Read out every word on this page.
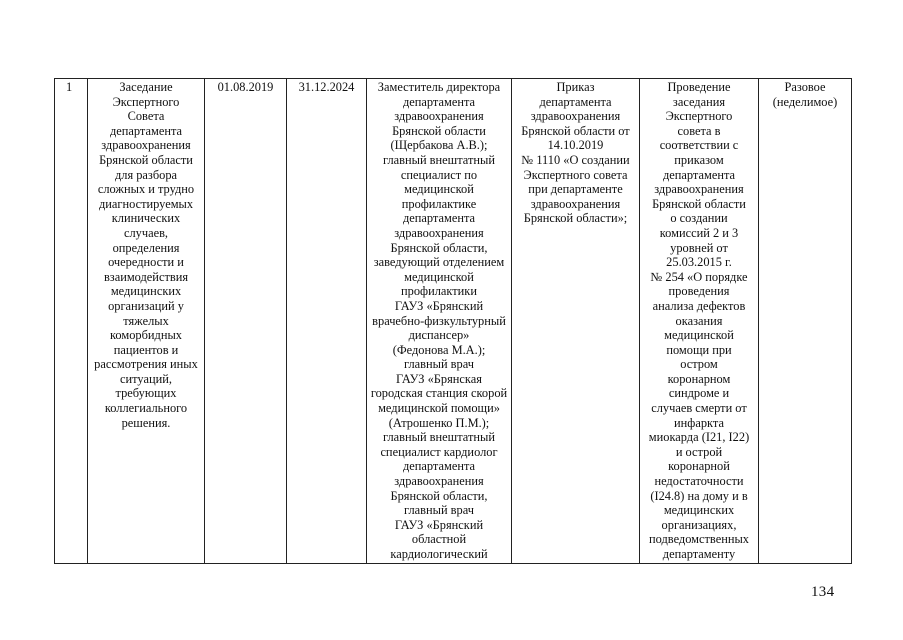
1	Заседание
Экспертного
Совета
департамента
здравоохранения
Брянской области
для разбора
сложных и трудно
диагностируемых
клинических
случаев,
определения
очередности и
взаимодействия
медицинских
организаций у
тяжелых
коморбидных
пациентов и
рассмотрения иных
ситуаций,
требующих
коллегиального
решения.

01.08.2019	31.12.2024	Заместитель директора
департамента
здравоохранения
Брянской области
(Щербакова А.В.);
главный внештатный
специалист по
медицинской
профилактике
департамента
здравоохранения
Брянской области,
заведующий отделением
медицинской
профилактики
ГАУЗ «Брянский
врачебно-физкультурный
диспансер»
(Федонова М.А.);
главный врач
ГАУЗ «Брянская
городская станция скорой
медицинской помощи»
(Атрошенко П.М.);
главный внештатный
специалист кардиолог
департамента
здравоохранения
Брянской области,
главный врач
ГАУЗ «Брянский
областной
кардиологический

Приказ
департамента
здравоохранения
Брянской области от
14.10.2019
№ 1110 «О создании
Экспертного совета
при департаменте
здравоохранения
Брянской области»;

Проведение
заседания
Экспертного
совета в
соответствии с
приказом
департамента
здравоохранения
Брянской области
о создании
комиссий 2 и 3
уровней от
25.03.2015 г.
№ 254 «О порядке
проведения
анализа дефектов
оказания
медицинской
помощи при
остром
коронарном
синдроме и
случаев смерти от
инфаркта
миокарда (I21, I22)
и острой
коронарной
недостаточности
(I24.8) на дому и в
медицинских
организациях,
подведомственных
департаменту

Разовое
(неделимое)
134
